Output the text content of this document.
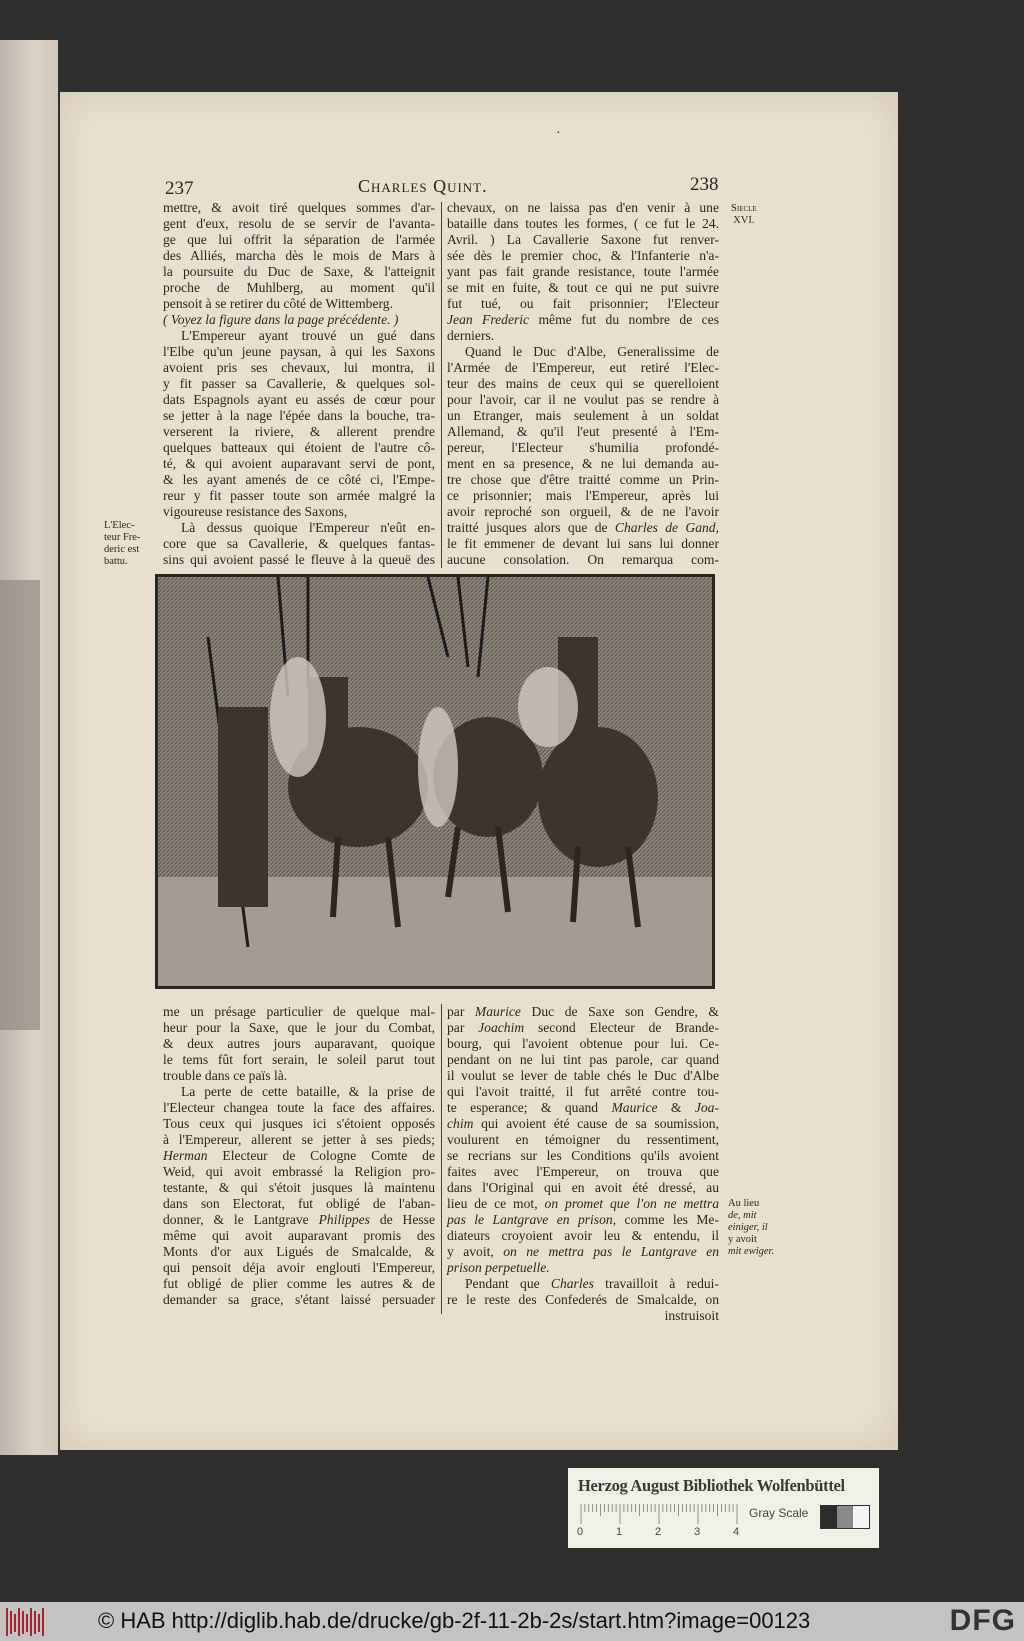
237	Charles Quint.
·
238
mettre, & avoit tiré quelques sommes d'ar-
gent d'eux, resolu de se servir de l'avanta-
ge que lui offrit la séparation de l'armée
des Alliés, marcha dès le mois de Mars à
la poursuite du Duc de Saxe, & l'atteignit
proche de Muhlberg, au moment qu'il
pensoit à se retirer du côté de Wittemberg.
( Voyez la figure dans la page précédente. )
L'Empereur ayant trouvé un gué dans
l'Elbe qu'un jeune paysan, à qui les Saxons
avoient pris ses chevaux, lui montra, il
y fit passer sa Cavallerie, & quelques sol-
dats Espagnols ayant eu assés de cœur pour
se jetter à la nage l'épée dans la bouche, tra-
verserent la riviere, & allerent prendre
quelques batteaux qui étoient de l'autre cô-
té, & qui avoient auparavant servi de pont,
& les ayant amenés de ce côté ci, l'Empe-
reur y fit passer toute son armée malgré la
vigoureuse resistance des Saxons,
Là dessus quoique l'Empereur n'eût en-
core que sa Cavallerie, & quelques fantas-
sins qui avoient passé le fleuve à la queuë des
chevaux, on ne laissa pas d'en venir à une
bataille dans toutes les formes, ( ce fut le 24.
Avril. ) La Cavallerie Saxone fut renver-
sée dès le premier choc, & l'Infanterie n'a-
yant pas fait grande resistance, toute l'armée
se mit en fuite, & tout ce qui ne put suivre
fut tué, ou fait prisonnier; l'Electeur
Jean Frederic même fut du nombre de ces
derniers.
Quand le Duc d'Albe, Generalissime de
l'Armée de l'Empereur, eut retiré l'Elec-
teur des mains de ceux qui se querelloient
pour l'avoir, car il ne voulut pas se rendre à
un Etranger, mais seulement à un soldat
Allemand, & qu'il l'eut presenté à l'Em-
pereur, l'Electeur s'humilia profondé-
ment en sa presence, & ne lui demanda au-
tre chose que d'être traitté comme un Prin-
ce prisonnier; mais l'Empereur, après lui
avoir reproché son orgueil, & de ne l'avoir
traitté jusques alors que de Charles de Gand,
le fit emmener de devant lui sans lui donner
aucune consolation. On remarqua com-
Siecle
XVI.
L'Elec-
teur Fre-
deric est
battu.
me un présage particulier de quelque mal-
heur pour la Saxe, que le jour du Combat,
& deux autres jours auparavant, quoique
le tems fût fort serain, le soleil parut tout
trouble dans ce païs là.
La perte de cette bataille, & la prise de
l'Electeur changea toute la face des affaires.
Tous ceux qui jusques ici s'étoient opposés
à l'Empereur, allerent se jetter à ses pieds;
Herman Electeur de Cologne Comte de
Weid, qui avoit embrassé la Religion pro-
testante, & qui s'étoit jusques là maintenu
dans son Electorat, fut obligé de l'aban-
donner, & le Lantgrave Philippes de Hesse
même qui avoit auparavant promis des
Monts d'or aux Ligués de Smalcalde, &
qui pensoit déja avoir englouti l'Empereur,
fut obligé de plier comme les autres & de
demander sa grace, s'étant laissé persuader
par Maurice Duc de Saxe son Gendre, &
par Joachim second Electeur de Brande-
bourg, qui l'avoient obtenue pour lui. Ce-
pendant on ne lui tint pas parole, car quand
il voulut se lever de table chés le Duc d'Albe
qui l'avoit traitté, il fut arrêté contre tou-
te esperance; & quand Maurice & Joa-
chim qui avoient été cause de sa soumission,
voulurent en témoigner du ressentiment,
se recrians sur les Conditions qu'ils avoient
faites avec l'Empereur, on trouva que
dans l'Original qui en avoit été dressé, au
lieu de ce mot, on promet que l'on ne mettra
pas le Lantgrave en prison, comme les Me-
diateurs croyoient avoir leu & entendu, il
y avoit, on ne mettra pas le Lantgrave en
prison perpetuelle.
Pendant que Charles travailloit à redui-
re le reste des Confederés de Smalcalde, on
instruisoit
Au lieu
de, mit
einiger, il
y avoit
mit ewiger.
Herzog August Bibliothek Wolfenbüttel
0	1	2	3	4
Gray Scale
© HAB http://diglib.hab.de/drucke/gb-2f-11-2b-2s/start.htm?image=00123	DFG
